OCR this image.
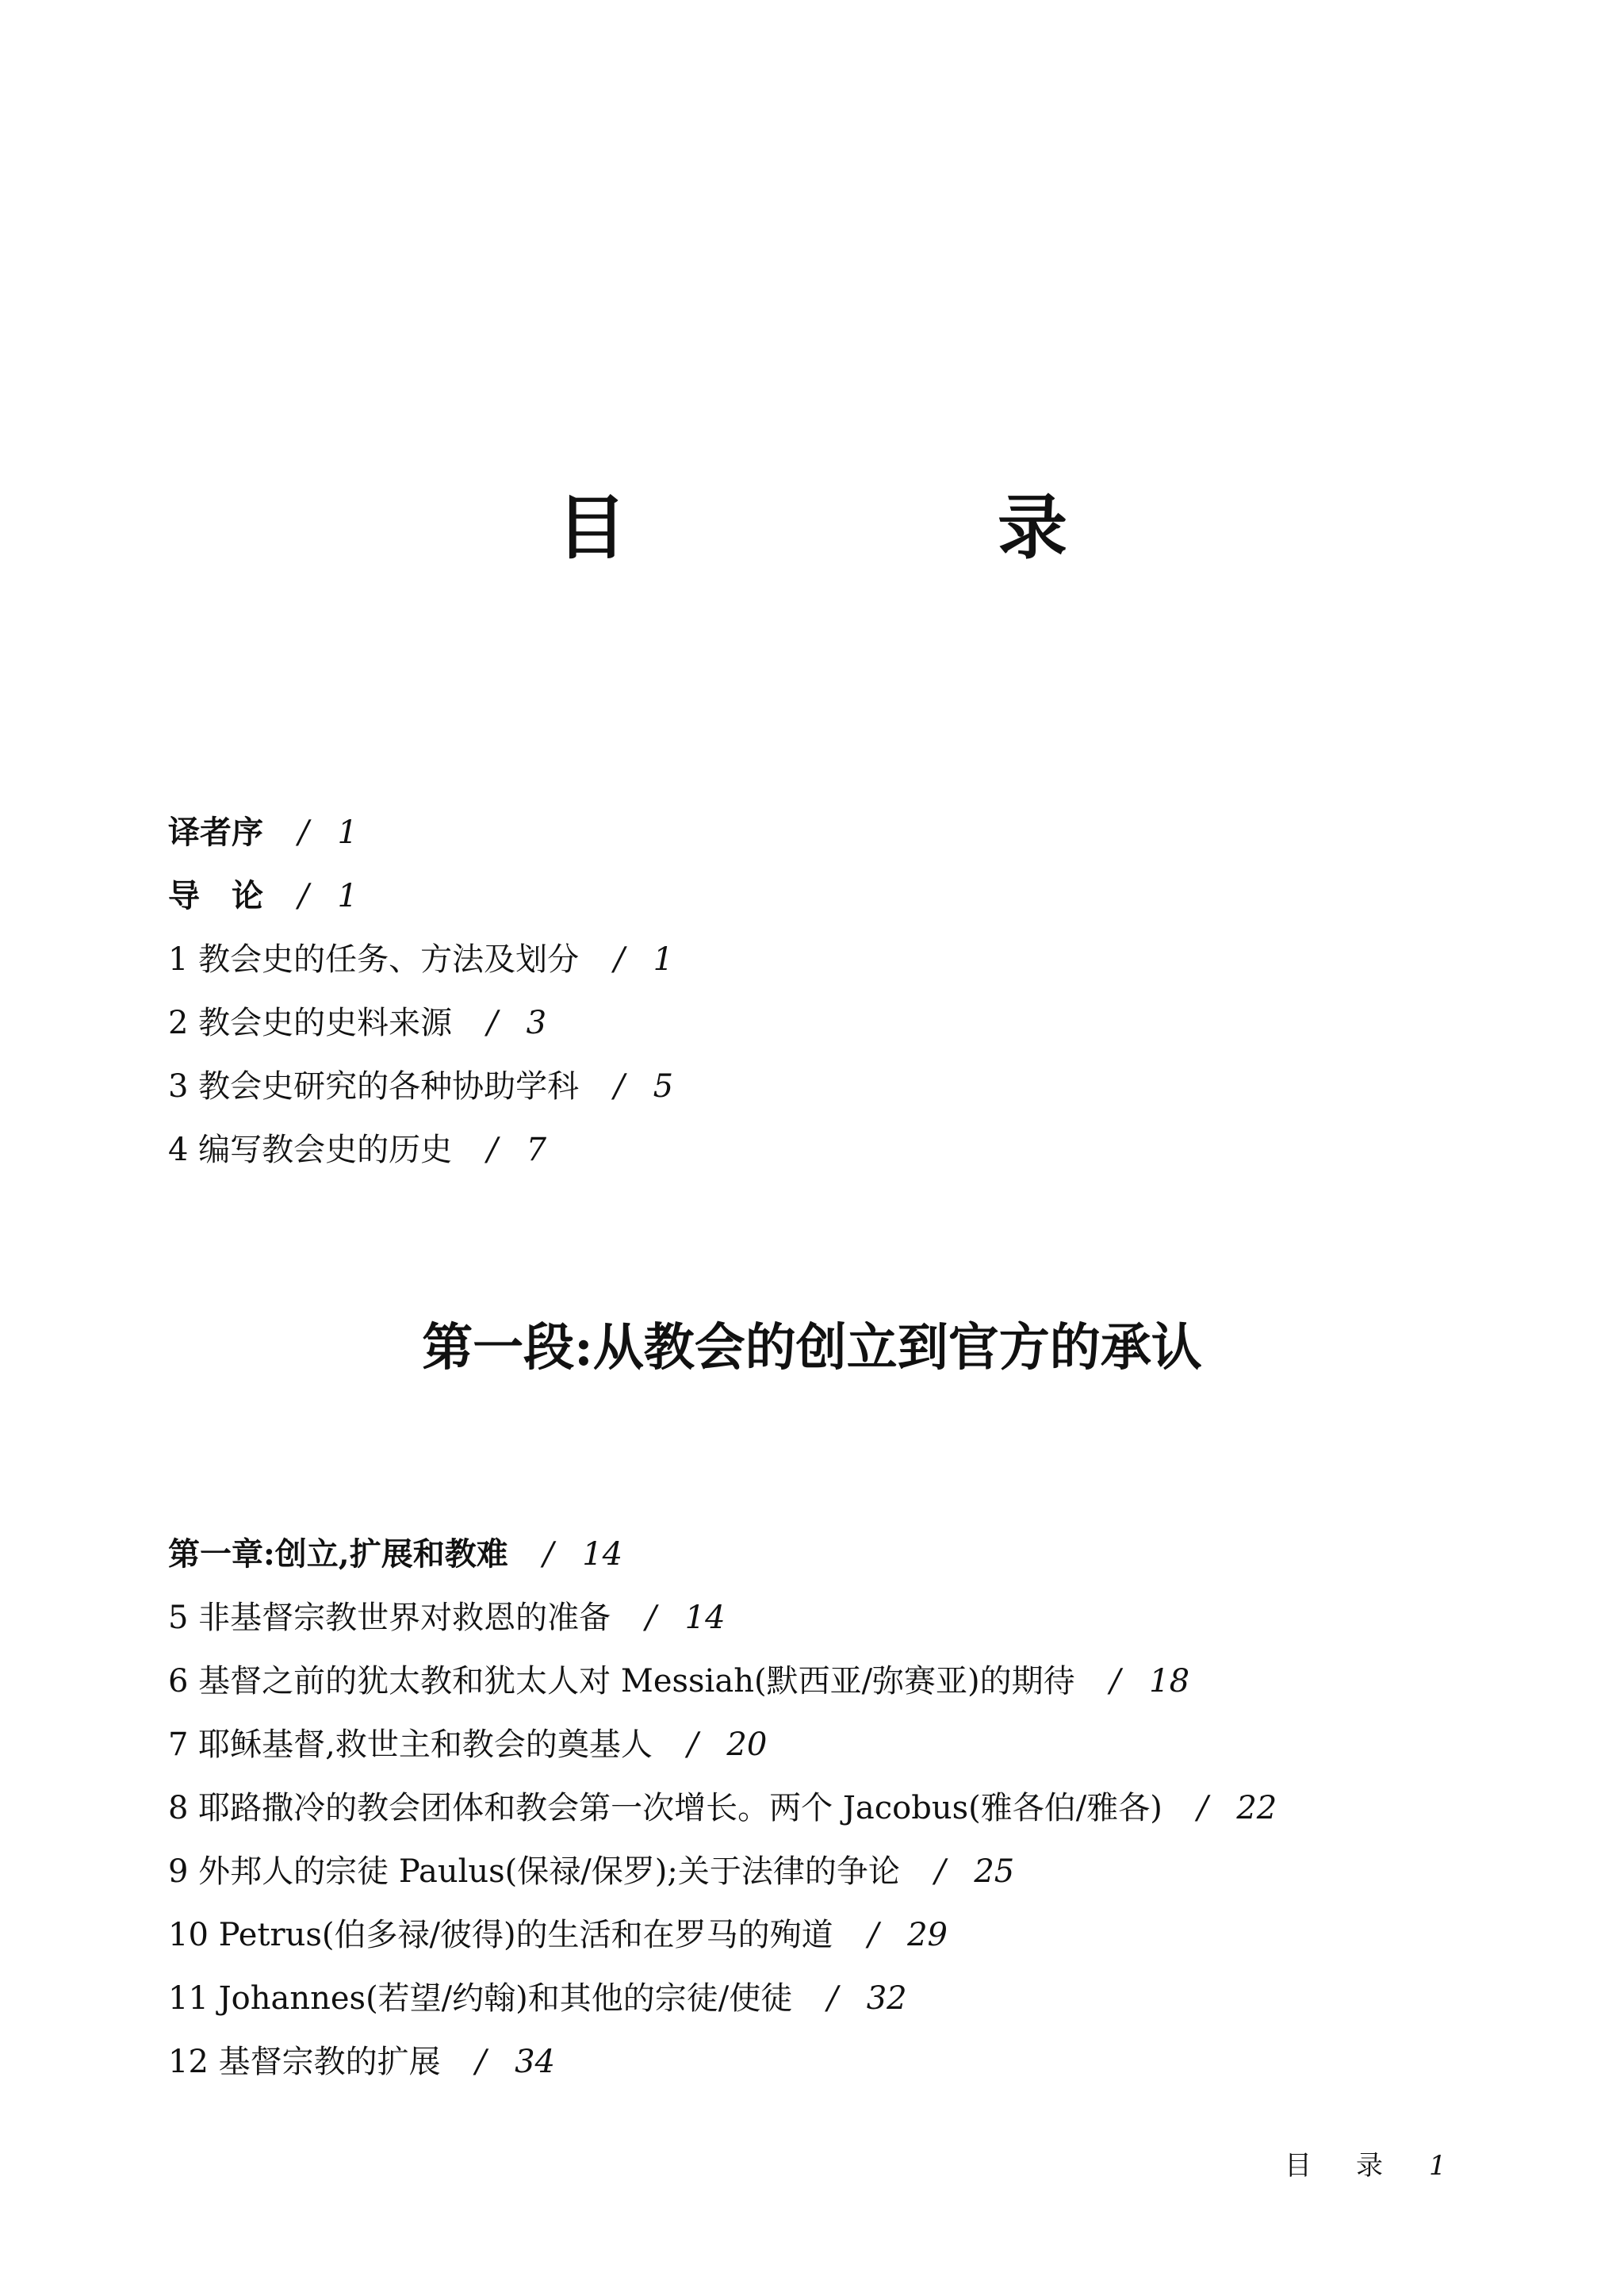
目　录
译者序 / 1
导　论 / 1
1 教会史的任务、方法及划分 / 1
2 教会史的史料来源 / 3
3 教会史研究的各种协助学科 / 5
4 编写教会史的历史 / 7
第一段:从教会的创立到官方的承认
第一章:创立,扩展和教难 / 14
5 非基督宗教世界对救恩的准备 / 14
6 基督之前的犹太教和犹太人对 Messiah(默西亚/弥赛亚)的期待 / 18
7 耶稣基督,救世主和教会的奠基人 / 20
8 耶路撒冷的教会团体和教会第一次增长。两个 Jacobus(雅各伯/雅各) / 22
9 外邦人的宗徒 Paulus(保禄/保罗);关于法律的争论 / 25
10 Petrus(伯多禄/彼得)的生活和在罗马的殉道 / 29
11 Johannes(若望/约翰)和其他的宗徒/使徒 / 32
12 基督宗教的扩展 / 34
目录1
